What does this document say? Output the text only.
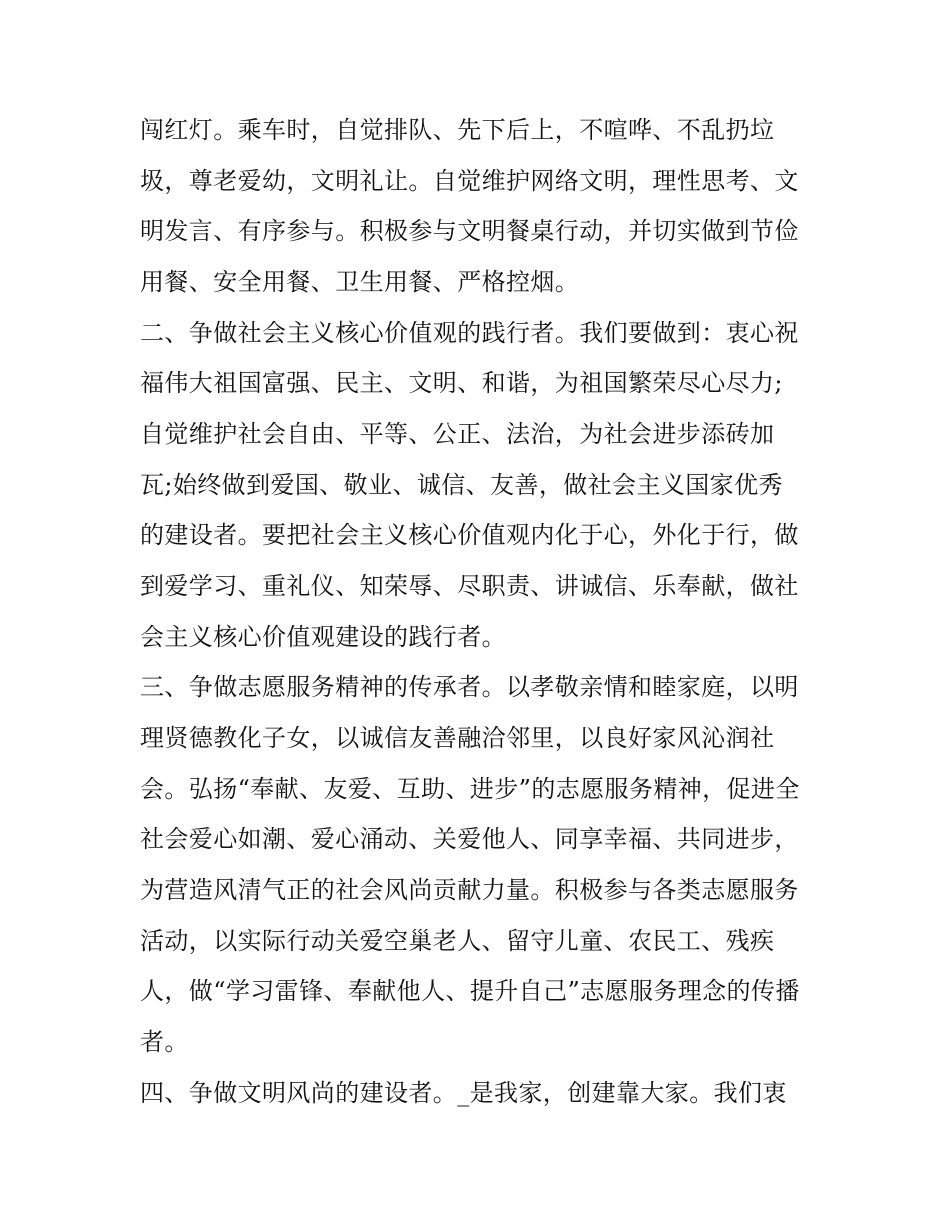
闯红灯。乘车时，自觉排队、先下后上，不喧哗、不乱扔垃
圾，尊老爱幼，文明礼让。自觉维护网络文明，理性思考、文
明发言、有序参与。积极参与文明餐桌行动，并切实做到节俭
用餐、安全用餐、卫生用餐、严格控烟。
二、争做社会主义核心价值观的践行者。我们要做到：衷心祝
福伟大祖国富强、民主、文明、和谐，为祖国繁荣尽心尽力;
自觉维护社会自由、平等、公正、法治，为社会进步添砖加
瓦;始终做到爱国、敬业、诚信、友善，做社会主义国家优秀
的建设者。要把社会主义核心价值观内化于心，外化于行，做
到爱学习、重礼仪、知荣辱、尽职责、讲诚信、乐奉献，做社
会主义核心价值观建设的践行者。
三、争做志愿服务精神的传承者。以孝敬亲情和睦家庭，以明
理贤德教化子女，以诚信友善融洽邻里，以良好家风沁润社
会。弘扬“奉献、友爱、互助、进步”的志愿服务精神，促进全
社会爱心如潮、爱心涌动、关爱他人、同享幸福、共同进步，
为营造风清气正的社会风尚贡献力量。积极参与各类志愿服务
活动，以实际行动关爱空巢老人、留守儿童、农民工、残疾
人，做“学习雷锋、奉献他人、提升自己”志愿服务理念的传播
者。
四、争做文明风尚的建设者。_是我家，创建靠大家。我们衷
